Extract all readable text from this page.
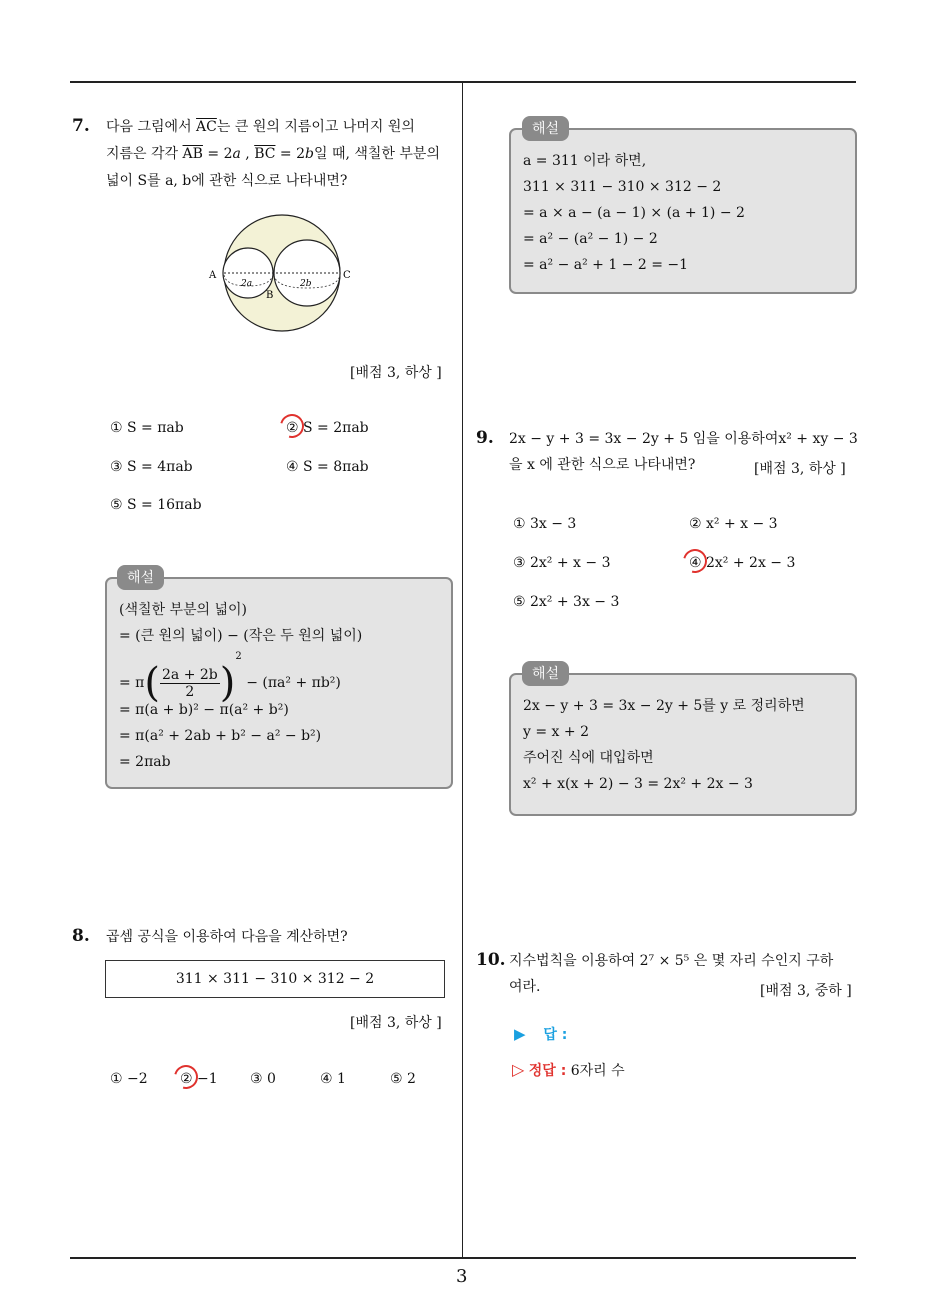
3
7. 다음 그림에서 $\overline{AC}$는 큰 원의 지름이고 나머지 원의
지름은 각각 $\overline{AB} = 2a$ , $\overline{BC} = 2b$일 때, 색칠한 부분의
넓이 S를 a, b에 관한 식으로 나타내면?
A
B
C
2a	2b
[배점 3, 하상 ]
① S = πab	② S = 2πab
③ S = 4πab	④ S = 8πab
⑤ S = 16πab
(색칠한 부분의 넓이)
= (큰 원의 넓이) − (작은 두 원의 넓이)
= $\pi( \frac{2a + 2b}{2} )^2 - (\pi a^2 + \pi b^2)$
= π(a + b)² − π(a² + b²)
= π(a² + 2ab + b² − a² − b²)
= 2πab
해설
8. 곱셈 공식을 이용하여 다음을 계산하면?
311 × 311 − 310 × 312 − 2
[배점 3, 하상 ]
① −2 ② −1 ③ 0	④ 1	⑤ 2
a = 311 이라 하면,
311 × 311 − 310 × 312 − 2
= a × a − (a − 1) × (a + 1) − 2
= a² − (a² − 1) − 2
= a² − a² + 1 − 2 = −1
해설
9. 2x − y + 3 = 3x − 2y + 5 임을 이용하여x² + xy − 3
을 x 에 관한 식으로 나타내면?	[배점 3, 하상 ]
① 3x − 3	② x² + x − 3
③ 2x² + x − 3	④ 2x² + 2x − 3
⑤ 2x² + 3x − 3
2x − y + 3 = 3x − 2y + 5를 y 로 정리하면
y = x + 2
주어진 식에 대입하면
x² + x(x + 2) − 3 = 2x² + 2x − 3
해설
10. 지수법칙을 이용하여 2⁷ × 5⁵ 은 몇 자리 수인지 구하
여라.	[배점 3, 중하 ]
▶ 답 :
▷ 정답 : 6자리 수
